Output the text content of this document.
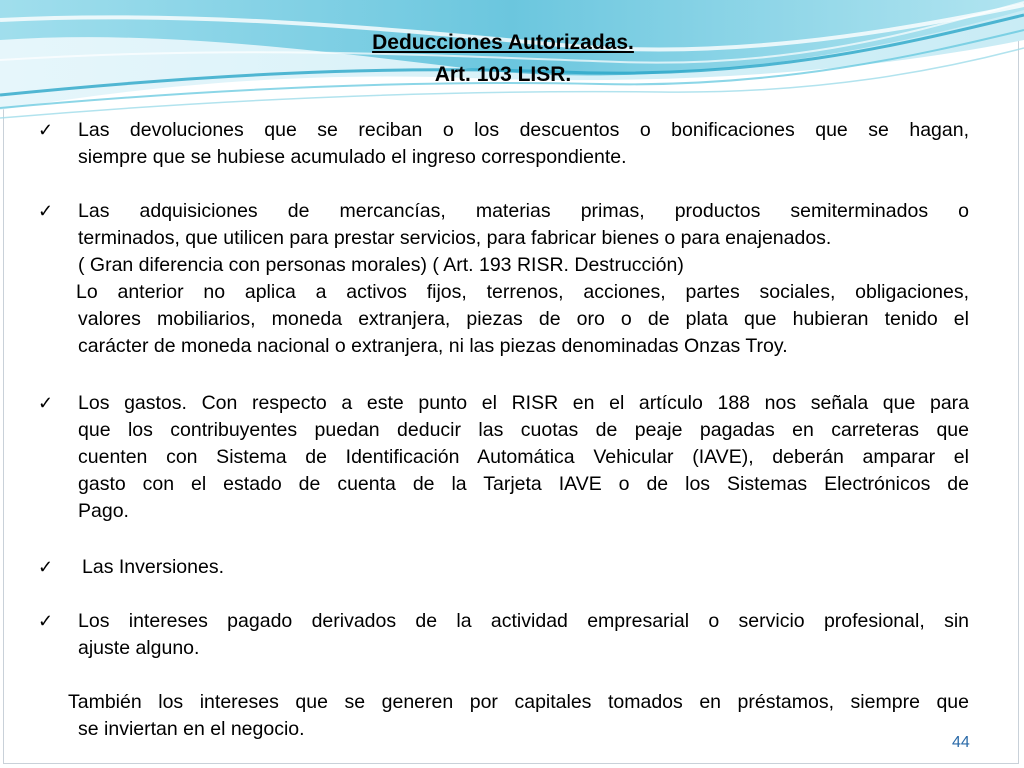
Deducciones Autorizadas.
Art. 103 LISR.
✓ Las devoluciones que se reciban o los descuentos o bonificaciones que se hagan,
siempre que se hubiese acumulado el ingreso correspondiente.
✓ Las adquisiciones de mercancías, materias primas, productos semiterminados o
terminados, que utilicen para prestar servicios, para fabricar bienes o para enajenados.
( Gran diferencia con personas morales) ( Art. 193 RISR. Destrucción)
Lo anterior no aplica a activos fijos, terrenos, acciones, partes sociales, obligaciones,
valores mobiliarios, moneda extranjera, piezas de oro o de plata que hubieran tenido el
carácter de moneda nacional o extranjera, ni las piezas denominadas Onzas Troy.
✓ Los gastos. Con respecto a este punto el RISR en el artículo 188 nos señala que para
que los contribuyentes puedan deducir las cuotas de peaje pagadas en carreteras que
cuenten con Sistema de Identificación Automática Vehicular (IAVE), deberán amparar el
gasto con el estado de cuenta de la Tarjeta IAVE o de los Sistemas Electrónicos de
Pago.
✓ Las Inversiones.
✓ Los intereses pagado derivados de la actividad empresarial o servicio profesional, sin
ajuste alguno.
También los intereses que se generen por capitales tomados en préstamos, siempre que
se inviertan en el negocio.
44
